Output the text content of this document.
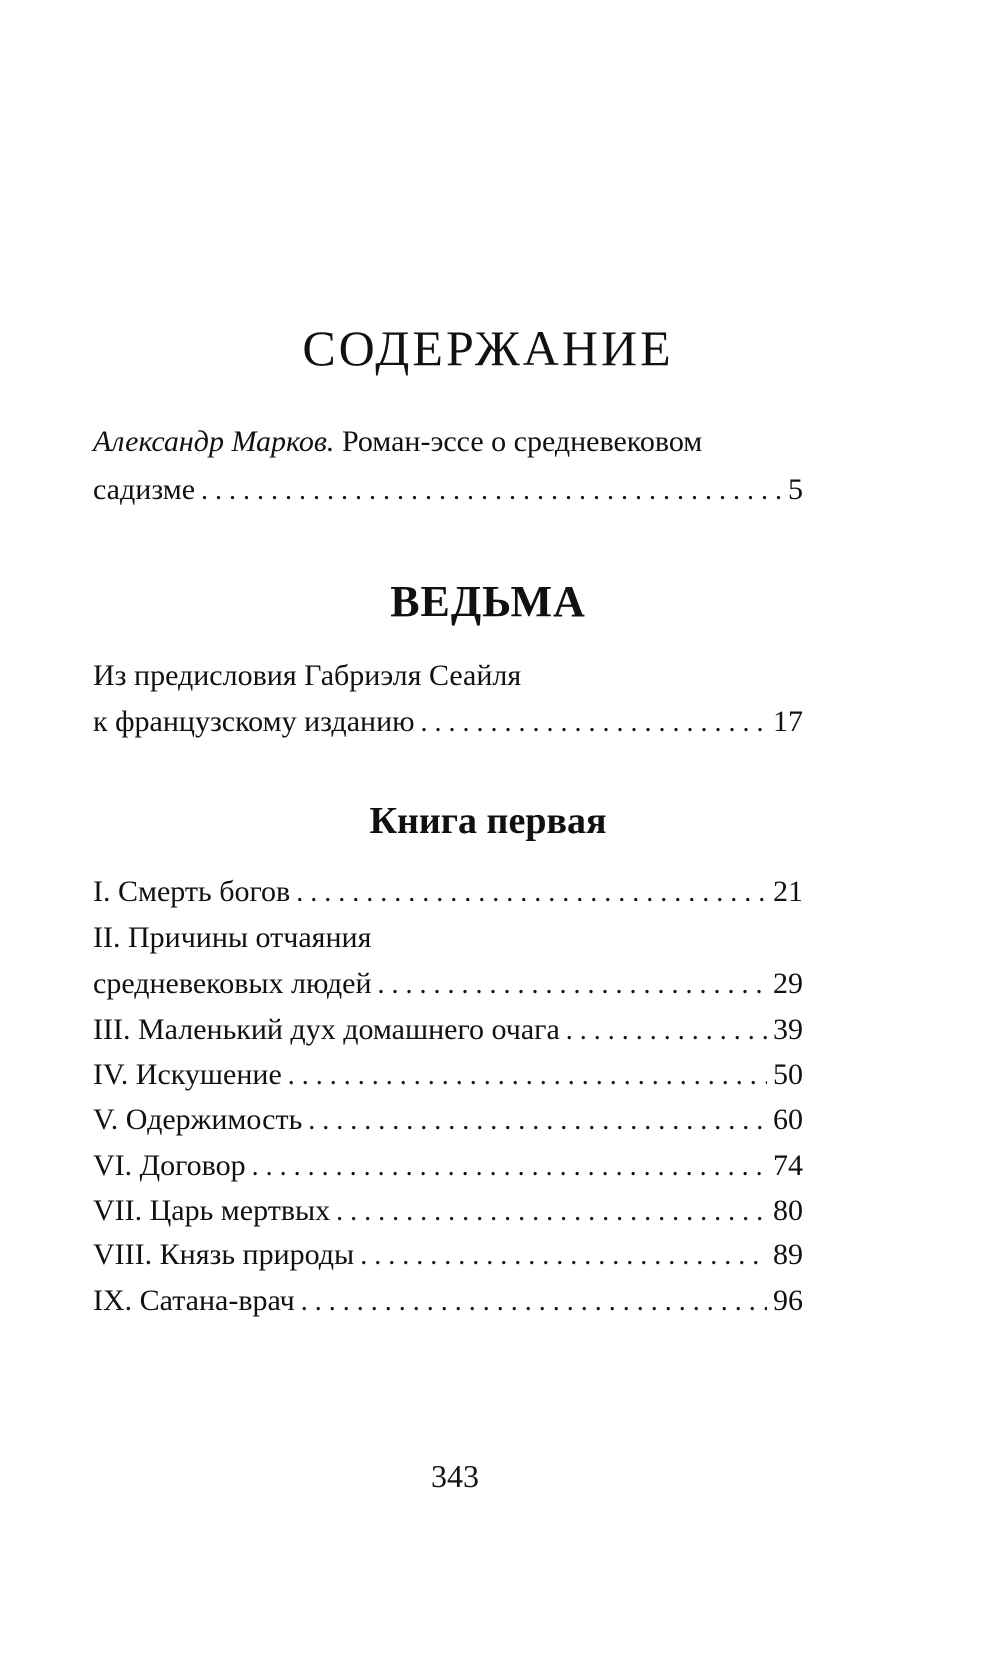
СОДЕРЖАНИЕ
Александр Марков. Роман-эссе о средневековом
садизме . . .	5
ВЕДЬМА
Из предисловия Габриэля Сеайля
к французскому изданию . . .	17
Книга первая
I. Смерть богов . . .	21
II. Причины отчаяния
средневековых людей . . .	29
III. Маленький дух домашнего очага . . .	39
IV. Искушение . . .	50
V. Одержимость . . .	60
VI. Договор . . .	74
VII. Царь мертвых . . .	80
VIII. Князь природы . . .	89
IX. Сатана-врач . . .	96
343
